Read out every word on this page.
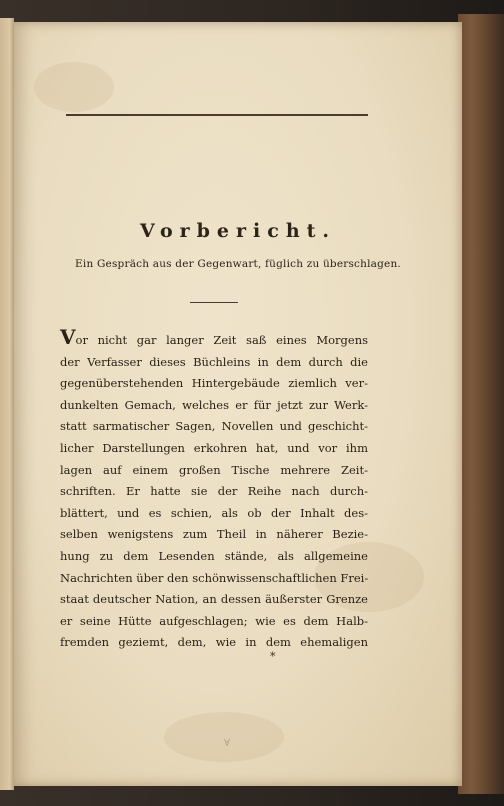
Vorbericht.
Ein Gespräch aus der Gegenwart, füglich zu überschlagen.
Vor nicht gar langer Zeit saß eines Morgens
der Verfasser dieses Büchleins in dem durch die
gegenüberstehenden Hintergebäude ziemlich ver-
dunkelten Gemach, welches er für jetzt zur Werk-
statt sarmatischer Sagen, Novellen und geschicht-
licher Darstellungen erkohren hat, und vor ihm
lagen auf einem großen Tische mehrere Zeit-
schriften. Er hatte sie der Reihe nach durch-
blättert, und es schien, als ob der Inhalt des-
selben wenigstens zum Theil in näherer Bezie-
hung zu dem Lesenden stände, als allgemeine
Nachrichten über den schönwissenschaftlichen Frei-
staat deutscher Nation, an dessen äußerster Grenze
er seine Hütte aufgeschlagen; wie es dem Halb-
fremden geziemt, dem, wie in dem ehemaligen
*
∀
